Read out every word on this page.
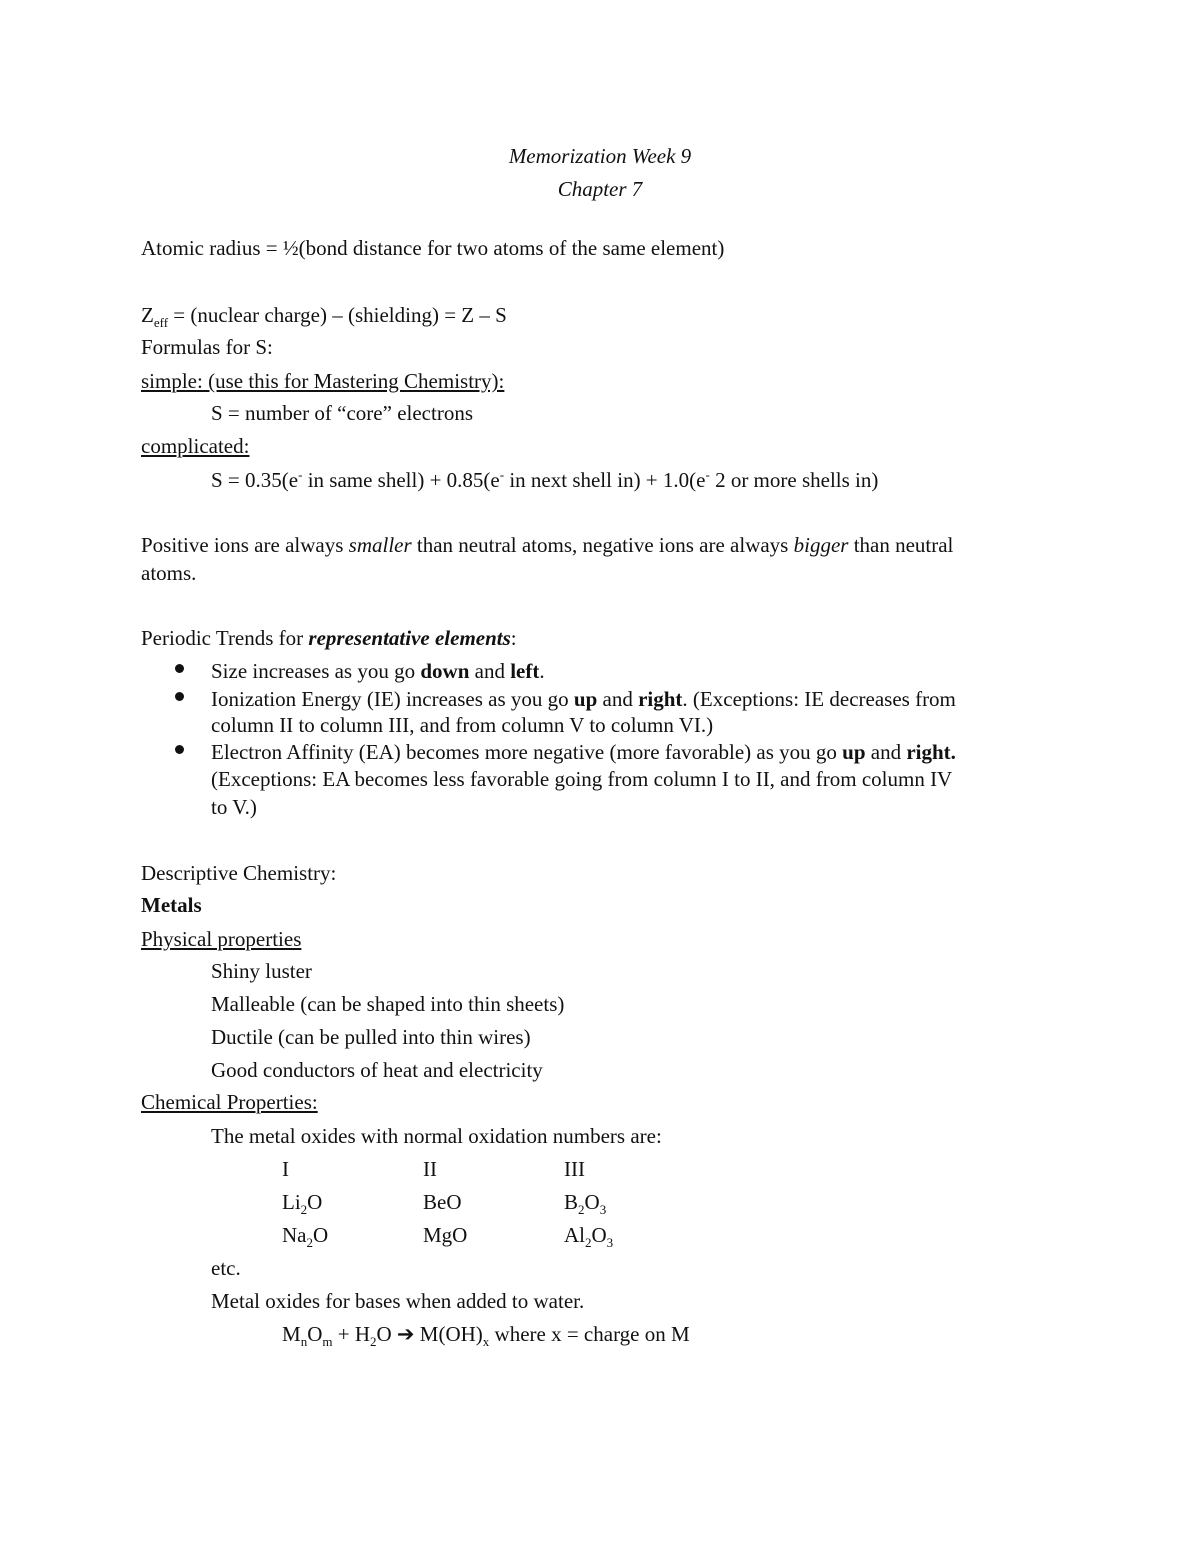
Memorization Week 9
Chapter 7
Atomic radius = ½(bond distance for two atoms of the same element)
$Z_{eff}$ = (nuclear charge) – (shielding) = Z – S
Formulas for S:
simple: (use this for Mastering Chemistry):
S = number of “core” electrons
complicated:
S = 0.35(e- in same shell) + 0.85(e- in next shell in) + 1.0(e- 2 or more shells in)
Positive ions are always smaller than neutral atoms, negative ions are always bigger than neutral
atoms.
Periodic Trends for representative elements:
Size increases as you go down and left.
Ionization Energy (IE) increases as you go up and right. (Exceptions: IE decreases from
column II to column III, and from column V to column VI.)
Electron Affinity (EA) becomes more negative (more favorable) as you go up and right.
(Exceptions: EA becomes less favorable going from column I to II, and from column IV
to V.)
Descriptive Chemistry:
Metals
Physical properties
Shiny luster
Malleable (can be shaped into thin sheets)
Ductile (can be pulled into thin wires)
Good conductors of heat and electricity
Chemical Properties:
The metal oxides with normal oxidation numbers are:
I	II	III
$Li_2O$	BeO	$B_2O_3$
$Na_2O$	MgO	$Al_2O_3$
etc.
Metal oxides for bases when added to water.
$M_nO_m + H_2O$ ➔ $M(OH)_x$ where x = charge on M
